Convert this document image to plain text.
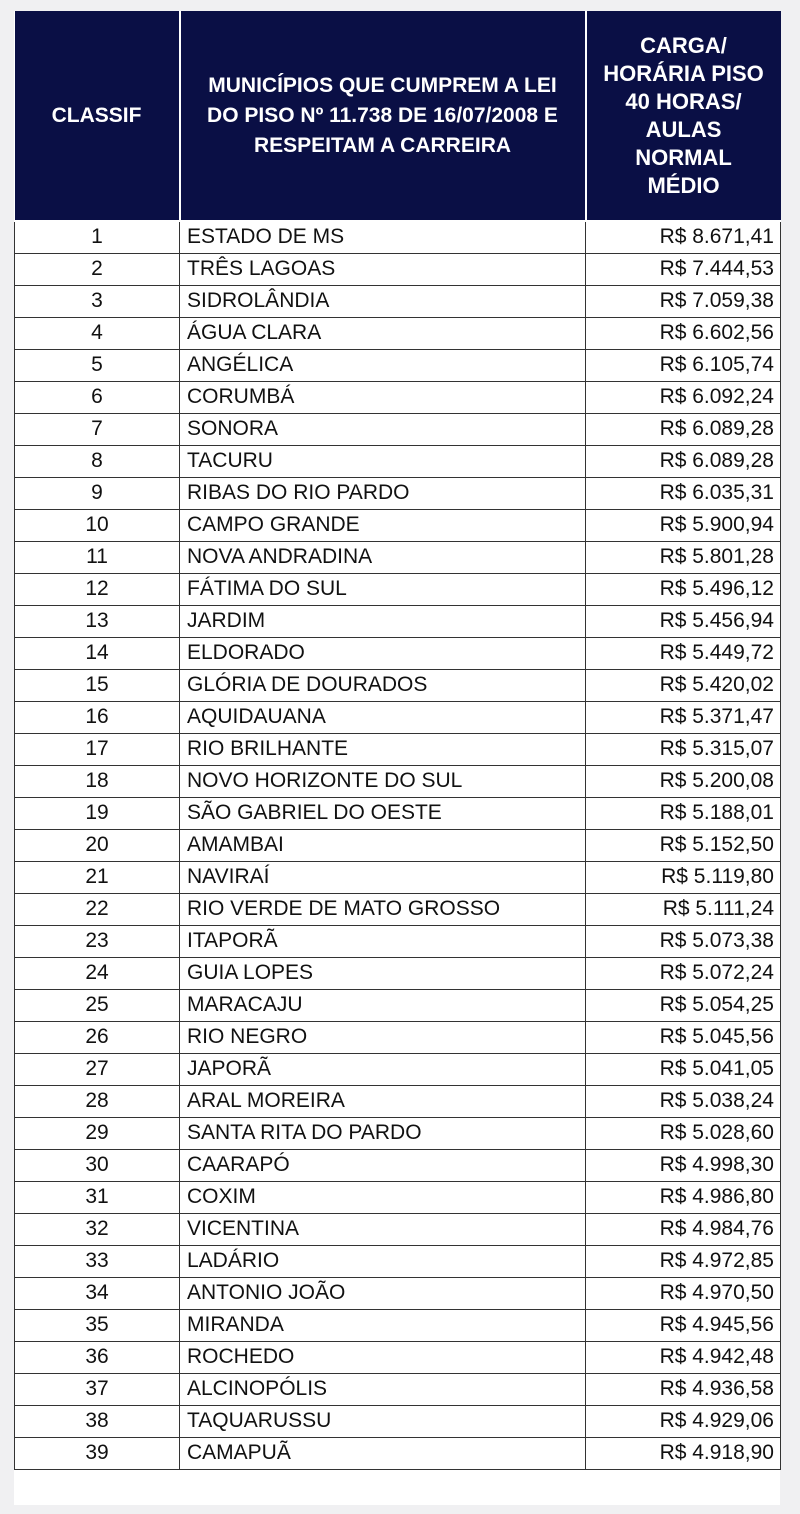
CLASSIF	MUNICÍPIOS QUE CUMPREM A LEI DO PISO Nº 11.738 DE 16/07/2008 E RESPEITAM A CARREIRA	CARGA/ HORÁRIA PISO 40 HORAS/ AULAS NORMAL MÉDIO
1	ESTADO DE MS	R$ 8.671,41
2	TRÊS LAGOAS	R$ 7.444,53
3	SIDROLÂNDIA	R$ 7.059,38
4	ÁGUA CLARA	R$ 6.602,56
5	ANGÉLICA	R$ 6.105,74
6	CORUMBÁ	R$ 6.092,24
7	SONORA	R$ 6.089,28
8	TACURU	R$ 6.089,28
9	RIBAS DO RIO PARDO	R$ 6.035,31
10	CAMPO GRANDE	R$ 5.900,94
11	NOVA ANDRADINA	R$ 5.801,28
12	FÁTIMA DO SUL	R$ 5.496,12
13	JARDIM	R$ 5.456,94
14	ELDORADO	R$ 5.449,72
15	GLÓRIA DE DOURADOS	R$ 5.420,02
16	AQUIDAUANA	R$ 5.371,47
17	RIO BRILHANTE	R$ 5.315,07
18	NOVO HORIZONTE DO SUL	R$ 5.200,08
19	SÃO GABRIEL DO OESTE	R$ 5.188,01
20	AMAMBAI	R$ 5.152,50
21	NAVIRAÍ	R$ 5.119,80
22	RIO VERDE DE MATO GROSSO	R$ 5.111,24
23	ITAPORÃ	R$ 5.073,38
24	GUIA LOPES	R$ 5.072,24
25	MARACAJU	R$ 5.054,25
26	RIO NEGRO	R$ 5.045,56
27	JAPORÃ	R$ 5.041,05
28	ARAL MOREIRA	R$ 5.038,24
29	SANTA RITA DO PARDO	R$ 5.028,60
30	CAARAPÓ	R$ 4.998,30
31	COXIM	R$ 4.986,80
32	VICENTINA	R$ 4.984,76
33	LADÁRIO	R$ 4.972,85
34	ANTONIO JOÃO	R$ 4.970,50
35	MIRANDA	R$ 4.945,56
36	ROCHEDO	R$ 4.942,48
37	ALCINOPÓLIS	R$ 4.936,58
38	TAQUARUSSU	R$ 4.929,06
39	CAMAPUÃ	R$ 4.918,90
